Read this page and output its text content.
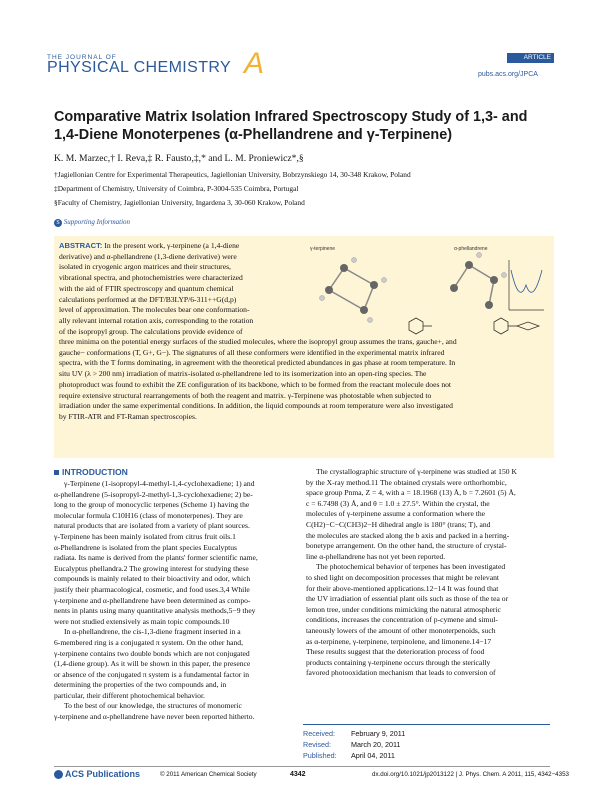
THE JOURNAL OF
PHYSICAL CHEMISTRY A	ARTICLE
pubs.acs.org/JPCA
Comparative Matrix Isolation Infrared Spectroscopy Study of 1,3- and 1,4-Diene Monoterpenes (α-Phellandrene and γ-Terpinene)
K. M. Marzec,† I. Reva,‡ R. Fausto,‡,* and L. M. Proniewicz*,§
†Jagiellonian Centre for Experimental Therapeutics, Jagiellonian University, Bobrzynskiego 14, 30-348 Krakow, Poland
‡Department of Chemistry, University of Coimbra, P-3004-535 Coimbra, Portugal
§Faculty of Chemistry, Jagiellonian University, Ingardena 3, 30-060 Krakow, Poland
S Supporting Information
ABSTRACT: In the present work, γ-terpinene (a 1,4-diene
derivative) and α-phellandrene (1,3-diene derivative) were
isolated in cryogenic argon matrices and their structures,
vibrational spectra, and photochemistries were characterized
with the aid of FTIR spectroscopy and quantum chemical
calculations performed at the DFT/B3LYP/6-311++G(d,p)
level of approximation. The molecules bear one conformation-
ally relevant internal rotation axis, corresponding to the rotation
of the isopropyl group. The calculations provide evidence of
γ-terpinene	α-phellandrene
three minima on the potential energy surfaces of the studied molecules, where the isopropyl group assumes the trans, gauche+, and
gauche− conformations (T, G+, G−). The signatures of all these conformers were identified in the experimental matrix infrared
spectra, with the T forms dominating, in agreement with the theoretical predicted abundances in gas phase at room temperature. In
situ UV (λ > 200 nm) irradiation of matrix-isolated α-phellandrene led to its isomerization into an open-ring species. The
photoproduct was found to exhibit the ZE configuration of its backbone, which to be formed from the reactant molecule does not
require extensive structural rearrangements of both the reagent and matrix. γ-Terpinene was photostable when subjected to
irradiation under the same experimental conditions. In addition, the liquid compounds at room temperature were also investigated
by FTIR-ATR and FT-Raman spectroscopies.
INTRODUCTION
γ-Terpinene (1-isopropyl-4-methyl-1,4-cyclohexadiene; 1) and
α-phellandrene (5-isopropyl-2-methyl-1,3-cyclohexadiene; 2) be-
long to the group of monocyclic terpenes (Scheme 1) having the
molecular formula C10H16 (class of monoterpenes). They are
natural products that are isolated from a variety of plant sources.
γ-Terpinene has been mainly isolated from citrus fruit oils.1
α-Phellandrene is isolated from the plant species Eucalyptus
radiata. Its name is derived from the plants' former scientific name,
Eucalyptus phellandra.2 The growing interest for studying these
compounds is mainly related to their bioactivity and odor, which
justify their pharmacological, cosmetic, and food uses.3,4 While
γ-terpinene and α-phellandrene have been determined as compo-
nents in plants using many quantitative analysis methods,5−9 they
were not studied extensively as main topic compounds.10
In α-phellandrene, the cis-1,3-diene fragment inserted in a
6-membered ring is a conjugated π system. On the other hand,
γ-terpinene contains two double bonds which are not conjugated
(1,4-diene group). As it will be shown in this paper, the presence
or absence of the conjugated π system is a fundamental factor in
determining the properties of the two compounds and, in
particular, their different photochemical behavior.
To the best of our knowledge, the structures of monomeric
γ-terpinene and α-phellandrene have never been reported hitherto.
The crystallographic structure of γ-terpinene was studied at 150 K
by the X-ray method.11 The obtained crystals were orthorhombic,
space group Pnma, Z = 4, with a = 18.1968 (13) Å, b = 7.2601 (5) Å,
c = 6.7498 (3) Å, and θ = 1.0 ± 27.5°. Within the crystal, the
molecules of γ-terpinene assume a conformation where the
C(H2)−C−C(CH3)2−H dihedral angle is 180° (trans; T), and
the molecules are stacked along the b axis and packed in a herring-
bonetype arrangement. On the other hand, the structure of crystal-
line α-phellandrene has not yet been reported.
The photochemical behavior of terpenes has been investigated
to shed light on decomposition processes that might be relevant
for their above-mentioned applications.12−14 It was found that
the UV irradiation of essential plant oils such as those of the tea or
lemon tree, under conditions mimicking the natural atmospheric
conditions, increases the concentration of p-cymene and simul-
taneously lowers of the amount of other monoterpenoids, such
as α-terpinene, γ-terpinene, terpinolene, and limonene.14−17
These results suggest that the deterioration process of food
products containing γ-terpinene occurs through the sterically
favored photooxidation mechanism that leads to conversion of
Received: February 9, 2011
Revised:	March 20, 2011
Published: April 04, 2011
ACS Publications	© 2011 American Chemical Society	4342	dx.doi.org/10.1021/jp2013122 | J. Phys. Chem. A 2011, 115, 4342−4353
